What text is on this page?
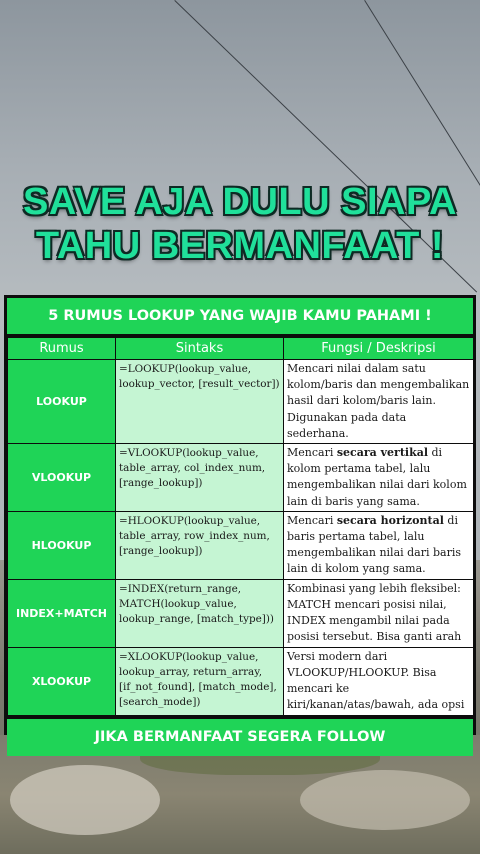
SAVE AJA DULU SIAPA
TAHU BERMANFAAT !
5 RUMUS LOOKUP YANG WAJIB KAMU PAHAMI !
Rumus	Sintaks	Fungsi / Deskripsi
LOOKUP	=LOOKUP(lookup_value, lookup_vector, [result_vector])	Mencari nilai dalam satu kolom/baris dan mengembalikan hasil dari kolom/baris lain. Digunakan pada data sederhana.
VLOOKUP	=VLOOKUP(lookup_value, table_array, col_index_num, [range_lookup])	Mencari secara vertikal di kolom pertama tabel, lalu mengembalikan nilai dari kolom lain di baris yang sama.
HLOOKUP	=HLOOKUP(lookup_value, table_array, row_index_num, [range_lookup])	Mencari secara horizontal di baris pertama tabel, lalu mengembalikan nilai dari baris lain di kolom yang sama.
INDEX+MATCH	=INDEX(return_range, MATCH(lookup_value, lookup_range, [match_type]))	Kombinasi yang lebih fleksibel: MATCH mencari posisi nilai, INDEX mengambil nilai pada posisi tersebut. Bisa ganti arah
XLOOKUP	=XLOOKUP(lookup_value, lookup_array, return_array, [if_not_found], [match_mode], [search_mode])	Versi modern dari VLOOKUP/HLOOKUP. Bisa mencari ke kiri/kanan/atas/bawah, ada opsi
JIKA BERMANFAAT SEGERA FOLLOW
